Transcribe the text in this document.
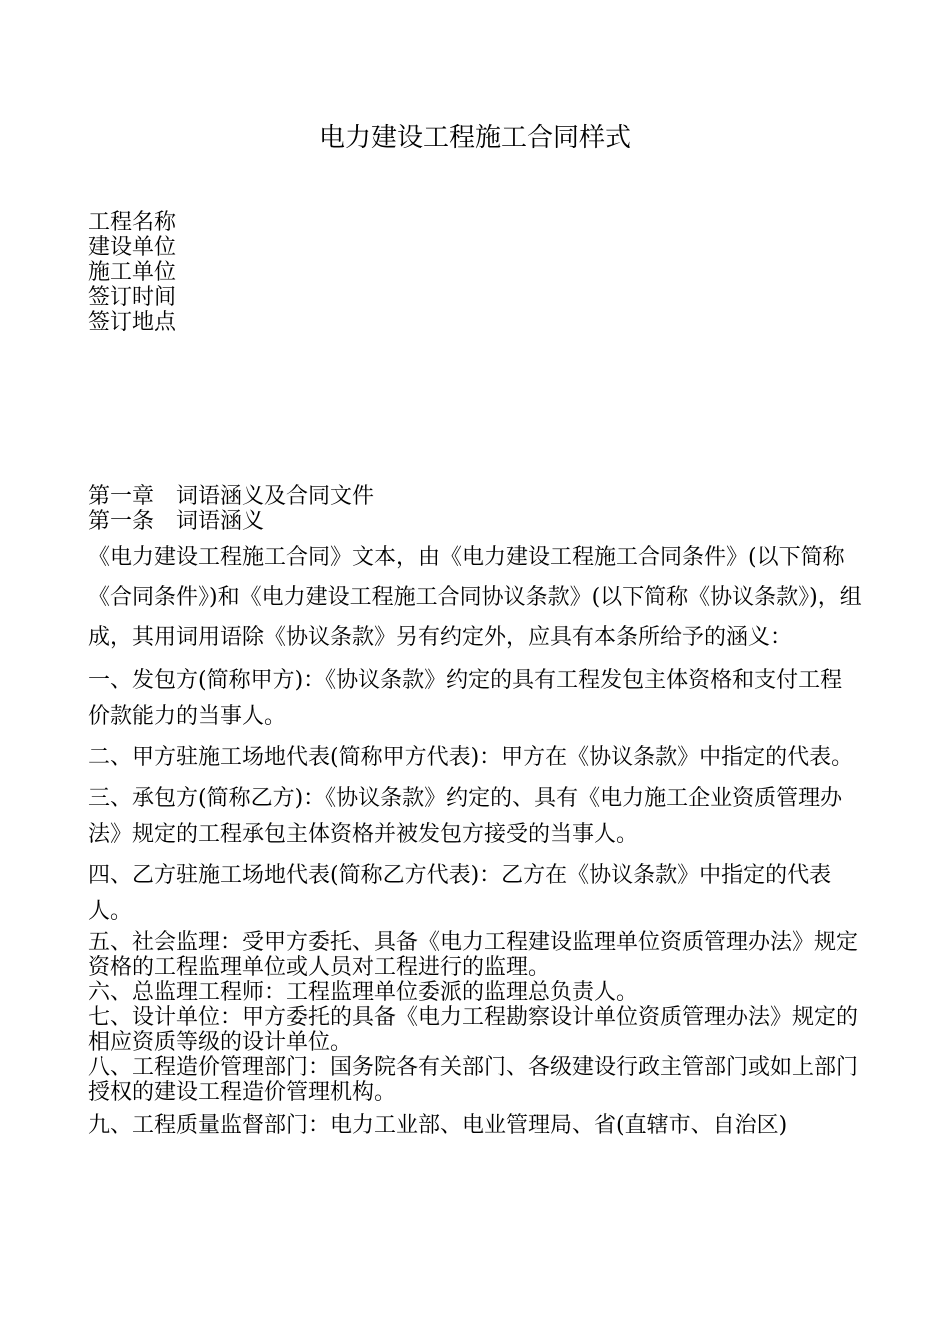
电力建设工程施工合同样式
工程名称
建设单位
施工单位
签订时间
签订地点
第一章 词语涵义及合同文件
第一条 词语涵义
《电力建设工程施工合同》文本，由《电力建设工程施工合同条件》(以下简称《合同条件》)和《电力建设工程施工合同协议条款》(以下简称《协议条款》)，组成，其用词用语除《协议条款》另有约定外，应具有本条所给予的涵义：
一、发包方(简称甲方)：《协议条款》约定的具有工程发包主体资格和支付工程价款能力的当事人。
二、甲方驻施工场地代表(简称甲方代表)：甲方在《协议条款》中指定的代表。
三、承包方(简称乙方)：《协议条款》约定的、具有《电力施工企业资质管理办法》规定的工程承包主体资格并被发包方接受的当事人。
四、乙方驻施工场地代表(简称乙方代表)：乙方在《协议条款》中指定的代表人。
五、社会监理：受甲方委托、具备《电力工程建设监理单位资质管理办法》规定资格的工程监理单位或人员对工程进行的监理。
六、总监理工程师：工程监理单位委派的监理总负责人。
七、设计单位：甲方委托的具备《电力工程勘察设计单位资质管理办法》规定的相应资质等级的设计单位。
八、工程造价管理部门：国务院各有关部门、各级建设行政主管部门或如上部门授权的建设工程造价管理机构。
九、工程质量监督部门：电力工业部、电业管理局、省(直辖市、自治区)
